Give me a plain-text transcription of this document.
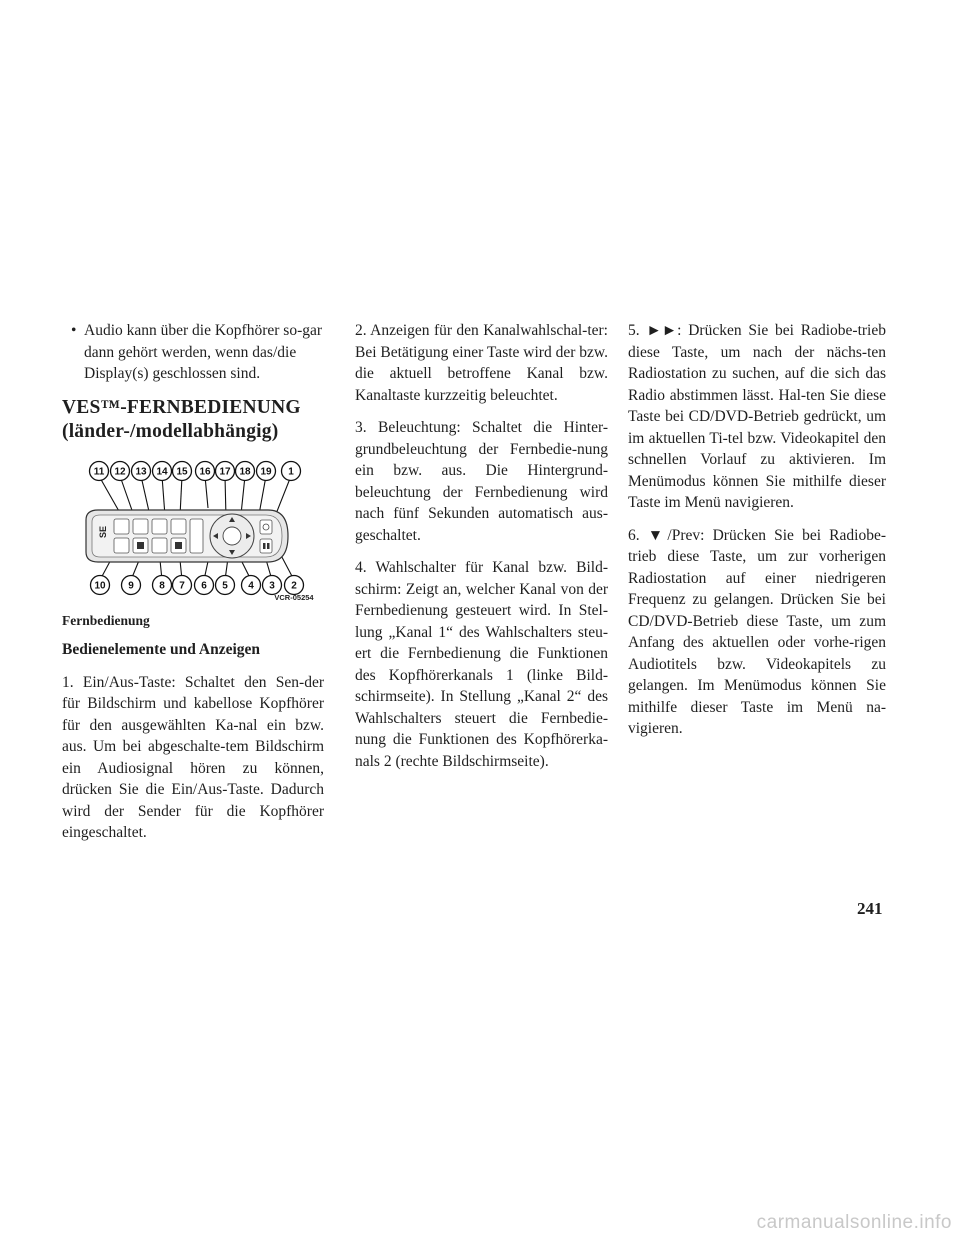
• Audio kann über die Kopfhörer so-gar dann gehört werden, wenn das/die Display(s) geschlossen sind.

VES™-FERNBEDIENUNG
(länder-/modellabhängig)
SE
11 12 13 14 15 16 17 18 19 1
10 9	8 7 6 5 4 3 2
VCR-05254

Fernbedienung

Bedienelemente und Anzeigen

1. Ein/Aus-Taste: Schaltet den Sen-der für Bildschirm und kabellose Kopfhörer für den ausgewählten Ka-nal ein bzw. aus. Um bei abgeschalte-tem Bildschirm ein Audiosignal hören zu können, drücken Sie die Ein/Aus-Taste. Dadurch wird der Sender für die Kopfhörer eingeschaltet.

2. Anzeigen für den Kanalwahlschal-ter: Bei Betätigung einer Taste wird der bzw. die aktuell betroffene Kanal bzw. Kanaltaste kurzzeitig beleuchtet.

3. Beleuchtung: Schaltet die Hinter-grundbeleuchtung der Fernbedie-nung ein bzw. aus. Die Hintergrund-beleuchtung der Fernbedienung wird nach fünf Sekunden automatisch aus-geschaltet.

4. Wahlschalter für Kanal bzw. Bild-schirm: Zeigt an, welcher Kanal von der Fernbedienung gesteuert wird. In Stel-lung „Kanal 1“ des Wahlschalters steu-ert die Fernbedienung die Funktionen des Kopfhörerkanals 1 (linke Bild-schirmseite). In Stellung „Kanal 2“ des Wahlschalters steuert die Fernbedie-nung die Funktionen des Kopfhörerka-nals 2 (rechte Bildschirmseite).

5. ►►: Drücken Sie bei Radiobe-trieb diese Taste, um nach der nächs-ten Radiostation zu suchen, auf die sich das Radio abstimmen lässt. Hal-ten Sie diese Taste bei CD/DVD-Betrieb gedrückt, um im aktuellen Ti-tel bzw. Videokapitel den schnellen Vorlauf zu aktivieren. Im Menümodus können Sie mithilfe dieser Taste im Menü navigieren.

6. ▼/Prev: Drücken Sie bei Radiobe-trieb diese Taste, um zur vorherigen Radiostation auf einer niedrigeren Frequenz zu gelangen. Drücken Sie bei CD/DVD-Betrieb diese Taste, um zum Anfang des aktuellen oder vorhe-rigen Audiotitels bzw. Videokapitels zu gelangen. Im Menümodus können Sie mithilfe dieser Taste im Menü na-vigieren.

241
carmanualsonline.info
